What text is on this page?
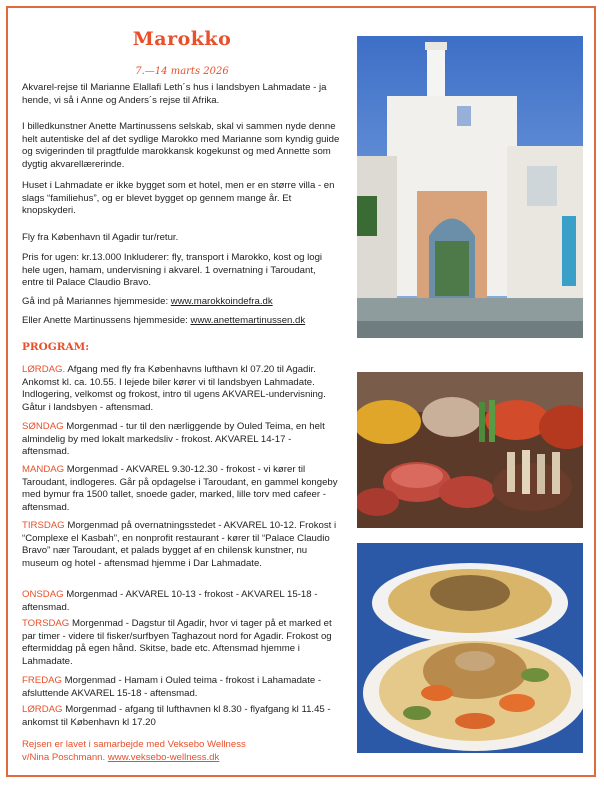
Marokko
7.—14 marts 2026

Akvarel-rejse til Marianne Elallafi Leth´s hus i landsbyen Lahmadate - ja hende, vi så i Anne og Anders´s rejse til Afrika.

I billedkunstner Anette Martinussens selskab, skal vi sammen nyde denne helt autentiske del af det sydlige Marokko med Marianne som kyndig guide og svigerinden til pragtfulde marokkansk kogekunst og med Annette som dygtig akvarellærerinde.

Huset i Lahmadate er ikke bygget som et hotel, men er en større villa - en slags “familiehus”, og er blevet bygget op gennem mange år. Et knopskyderi.

Fly fra København til Agadir tur/retur.

Pris for ugen: kr.13.000 Inkluderer: fly, transport i Marokko, kost og logi hele ugen, hamam, undervisning i akvarel. 1 overnatning i Taroudant, entre til Palace Claudio Bravo.

Gå ind på Mariannes hjemmeside: www.marokkoindefra.dk

Eller Anette Martinussens hjemmeside: www.anettemartinussen.dk

PROGRAM:

LØRDAG. Afgang med fly fra Københavns lufthavn kl 07.20 til Agadir. Ankomst kl. ca. 10.55. I lejede biler kører vi til landsbyen Lahmadate. Indlogering, velkomst og frokost, intro til ugens AKVAREL-undervisning. Gåtur i landsbyen - aftensmad.

SØNDAG Morgenmad - tur til den nærliggende by Ouled Teima, en helt almindelig by med lokalt markedsliv - frokost. AKVAREL 14-17 - aftensmad.

MANDAG Morgenmad - AKVAREL 9.30-12.30 - frokost - vi kører til Taroudant, indlogeres. Går på opdagelse i Taroudant, en gammel kongeby med bymur fra 1500 tallet, snoede gader, marked, lille torv med cafeer - aftensmad.

TIRSDAG Morgenmad på overnatningsstedet - AKVAREL 10-12. Frokost i “Complexe el Kasbah”, en nonprofit restaurant - kører til “Palace Claudio Bravo” nær Taroudant, et palads bygget af en chilensk kunstner, nu museum og hotel - aftensmad hjemme i Dar Lahmadate.

ONSDAG Morgenmad - AKVAREL 10-13 - frokost - AKVAREL 15-18 - aftensmad.

TORSDAG Morgenmad - Dagstur til Agadir, hvor vi tager på et marked et par timer - videre til fisker/surfbyen Taghazout nord for Agadir. Frokost og eftermiddag på egen hånd. Skitse, bade etc. Aftensmad hjemme i Lahmadate.

FREDAG Morgenmad - Hamam i Ouled teima - frokost i Lahamadate - afsluttende AKVAREL 15-18 - aftensmad.

LØRDAG Morgenmad - afgang til lufthavnen kl 8.30 - flyafgang kl 11.45 - ankomst til København kl 17.20

Rejsen er lavet i samarbejde med Veksebo Wellness
v/Nina Poschmann. www.veksebo-wellness.dk
